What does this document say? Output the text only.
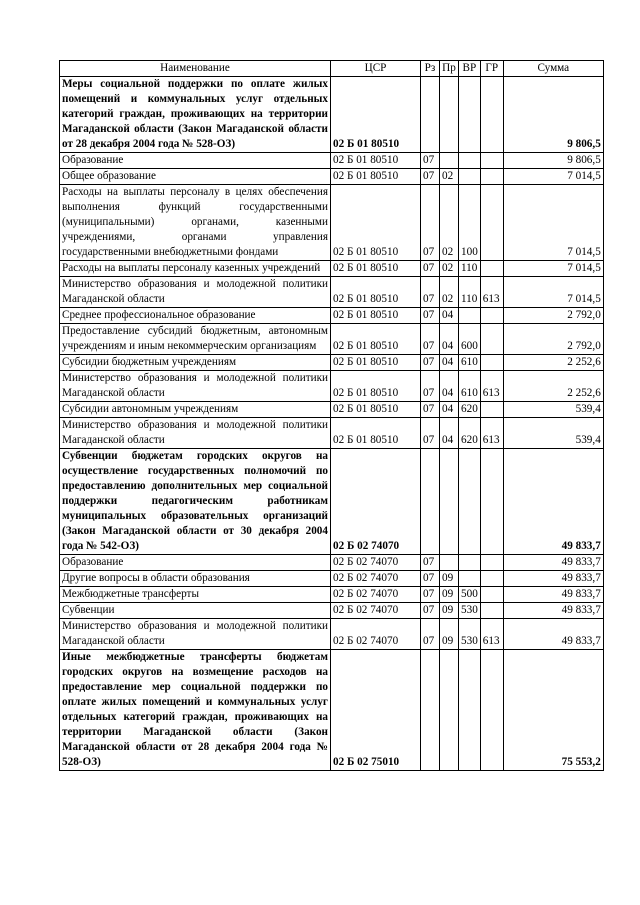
Наименование	ЦСР	Рз	Пр	ВР	ГР	Сумма
Меры социальной поддержки по оплате жилых помещений и коммунальных услуг отдельных категорий граждан, проживающих на территории Магаданской области (Закон Магаданской области от 28 декабря 2004 года № 528-ОЗ)	02 Б 01 80510					9 806,5
Образование	02 Б 01 80510	07				9 806,5
Общее образование	02 Б 01 80510	07	02			7 014,5
Расходы на выплаты персоналу в целях обеспечения выполнения функций государственными (муниципальными) органами, казенными учреждениями, органами управления государственными внебюджетными фондами	02 Б 01 80510	07	02	100		7 014,5
Расходы на выплаты персоналу казенных учреждений	02 Б 01 80510	07	02	110		7 014,5
Министерство образования и молодежной политики Магаданской области	02 Б 01 80510	07	02	110	613	7 014,5
Среднее профессиональное образование	02 Б 01 80510	07	04			2 792,0
Предоставление субсидий бюджетным, автономным учреждениям и иным некоммерческим организациям	02 Б 01 80510	07	04	600		2 792,0
Субсидии бюджетным учреждениям	02 Б 01 80510	07	04	610		2 252,6
Министерство образования и молодежной политики Магаданской области	02 Б 01 80510	07	04	610	613	2 252,6
Субсидии автономным учреждениям	02 Б 01 80510	07	04	620		539,4
Министерство образования и молодежной политики Магаданской области	02 Б 01 80510	07	04	620	613	539,4
Субвенции бюджетам городских округов на осуществление государственных полномочий по предоставлению дополнительных мер социальной поддержки педагогическим работникам муниципальных образовательных организаций (Закон Магаданской области от 30 декабря 2004 года № 542-ОЗ)	02 Б 02 74070					49 833,7
Образование	02 Б 02 74070	07				49 833,7
Другие вопросы в области образования	02 Б 02 74070	07	09			49 833,7
Межбюджетные трансферты	02 Б 02 74070	07	09	500		49 833,7
Субвенции	02 Б 02 74070	07	09	530		49 833,7
Министерство образования и молодежной политики Магаданской области	02 Б 02 74070	07	09	530	613	49 833,7
Иные межбюджетные трансферты бюджетам городских округов на возмещение расходов на предоставление мер социальной поддержки по оплате жилых помещений и коммунальных услуг отдельных категорий граждан, проживающих на территории Магаданской области (Закон Магаданской области от 28 декабря 2004 года № 528-ОЗ)	02 Б 02 75010					75 553,2
